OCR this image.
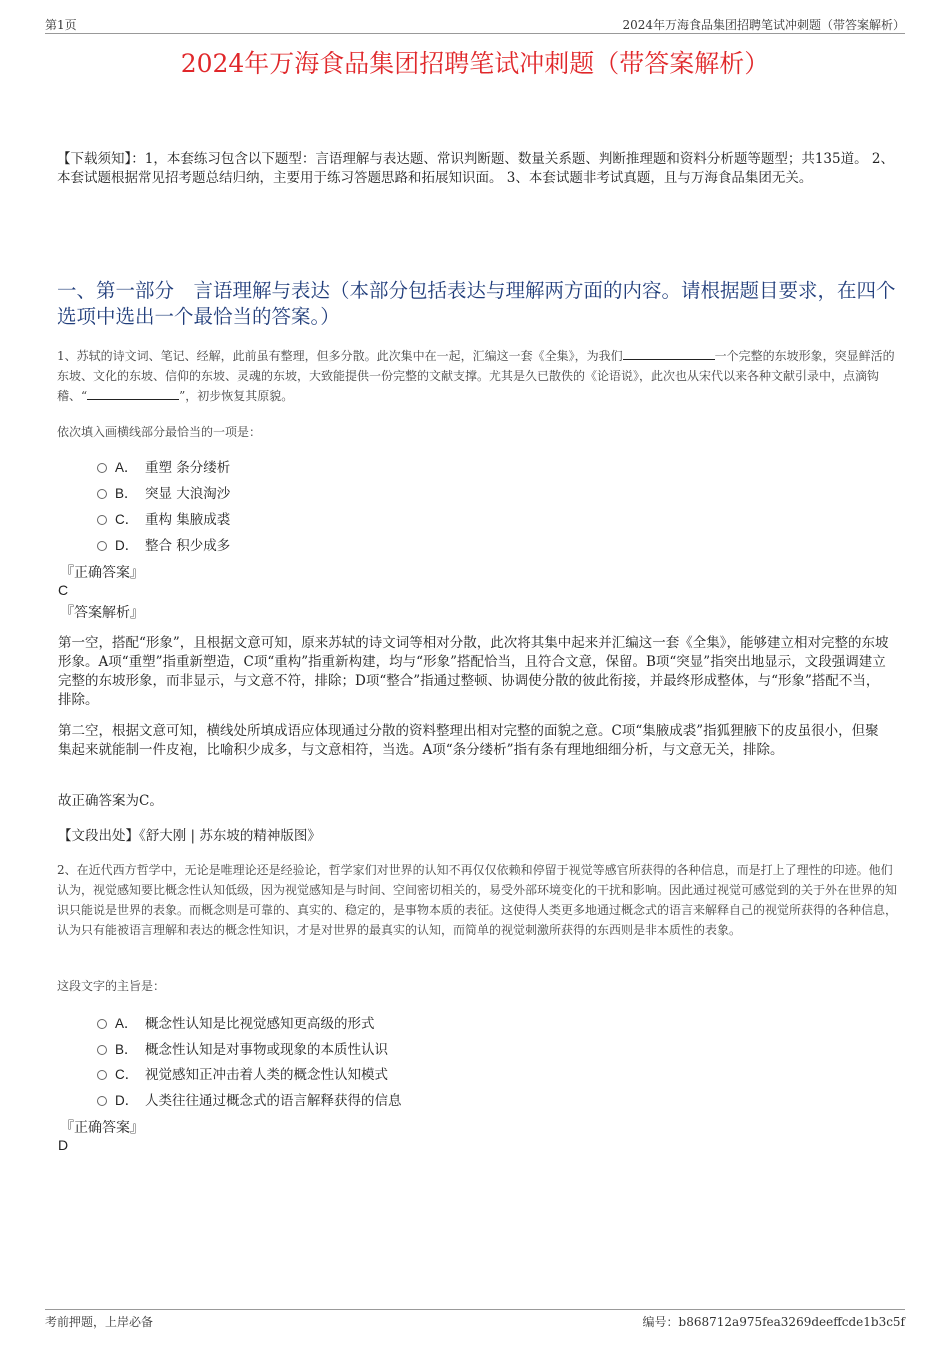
第1页	2024年万海食品集团招聘笔试冲刺题（带答案解析）
2024年万海食品集团招聘笔试冲刺题（带答案解析）
【下载须知】：1，本套练习包含以下题型：言语理解与表达题、常识判断题、数量关系题、判断推理题和资料分析题等题型；共135道。 2、本套试题根据常见招考题总结归纳，主要用于练习答题思路和拓展知识面。 3、本套试题非考试真题，且与万海食品集团无关。
一、第一部分　言语理解与表达（本部分包括表达与理解两方面的内容。请根据题目要求，在四个选项中选出一个最恰当的答案。）
1、苏轼的诗文词、笔记、经解，此前虽有整理，但多分散。此次集中在一起，汇编这一套《全集》，为我们	一个完整的东坡形象，突显鲜活的东坡、文化的东坡、信仰的东坡、灵魂的东坡，大致能提供一份完整的文献支撑。尤其是久已散佚的《论语说》，此次也从宋代以来各种文献引录中，点滴钩稽、“	”，初步恢复其原貌。
依次填入画横线部分最恰当的一项是：
A． 重塑 条分缕析
B． 突显 大浪淘沙
C． 重构 集腋成裘
D． 整合 积少成多
『正确答案』
C
『答案解析』
第一空，搭配“形象”，且根据文意可知，原来苏轼的诗文词等相对分散，此次将其集中起来并汇编这一套《全集》，能够建立相对完整的东坡形象。A项“重塑”指重新塑造，C项“重构”指重新构建，均与“形象”搭配恰当，且符合文意，保留。B项“突显”指突出地显示，文段强调建立完整的东坡形象，而非显示，与文意不符，排除；D项“整合”指通过整顿、协调使分散的彼此衔接，并最终形成整体，与“形象”搭配不当，排除。
第二空，根据文意可知，横线处所填成语应体现通过分散的资料整理出相对完整的面貌之意。C项“集腋成裘”指狐狸腋下的皮虽很小，但聚集起来就能制一件皮袍，比喻积少成多，与文意相符，当选。A项“条分缕析”指有条有理地细细分析，与文意无关，排除。
故正确答案为C。
【文段出处】《舒大刚 | 苏东坡的精神版图》
2、在近代西方哲学中，无论是唯理论还是经验论，哲学家们对世界的认知不再仅仅依赖和停留于视觉等感官所获得的各种信息，而是打上了理性的印迹。他们认为，视觉感知要比概念性认知低级，因为视觉感知是与时间、空间密切相关的，易受外部环境变化的干扰和影响。因此通过视觉可感觉到的关于外在世界的知识只能说是世界的表象。而概念则是可靠的、真实的、稳定的，是事物本质的表征。这使得人类更多地通过概念式的语言来解释自己的视觉所获得的各种信息，认为只有能被语言理解和表达的概念性知识，才是对世界的最真实的认知，而简单的视觉刺激所获得的东西则是非本质性的表象。
这段文字的主旨是：
A． 概念性认知是比视觉感知更高级的形式
B． 概念性认知是对事物或现象的本质性认识
C． 视觉感知正冲击着人类的概念性认知模式
D． 人类往往通过概念式的语言解释获得的信息
『正确答案』
D
考前押题，上岸必备	编号：b868712a975fea3269deeffcde1b3c5f
